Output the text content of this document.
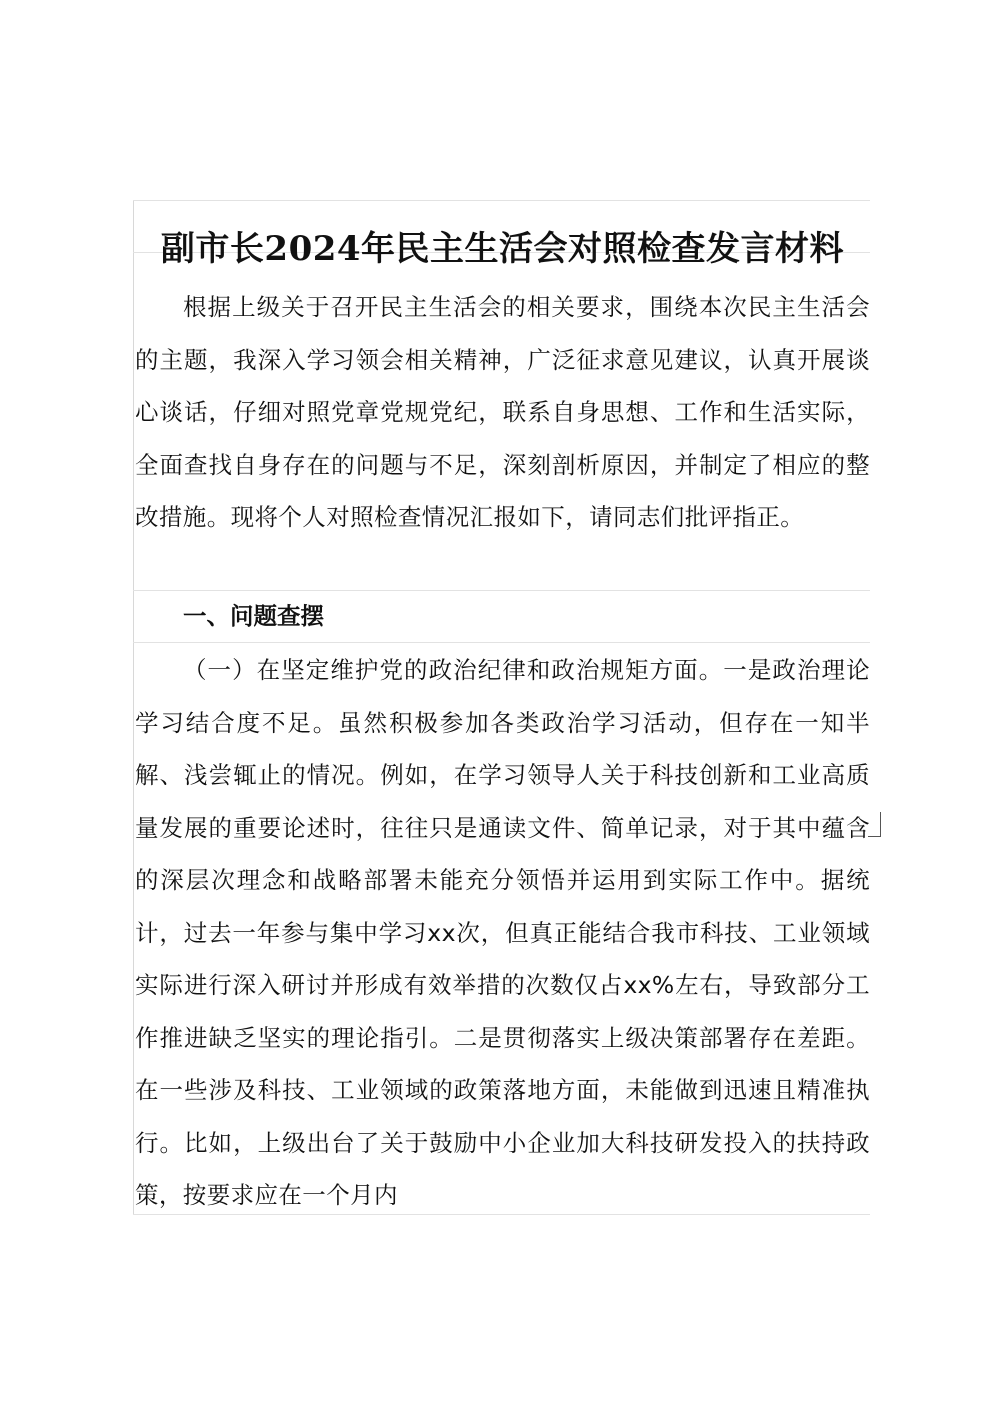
副市长2024年民主生活会对照检查发言材料

根据上级关于召开民主生活会的相关要求，围绕本次民主生活会的主题，我深入学习领会相关精神，广泛征求意见建议，认真开展谈心谈话，仔细对照党章党规党纪，联系自身思想、工作和生活实际，全面查找自身存在的问题与不足，深刻剖析原因，并制定了相应的整改措施。现将个人对照检查情况汇报如下，请同志们批评指正。

一、问题查摆

（一）在坚定维护党的政治纪律和政治规矩方面。一是政治理论学习结合度不足。虽然积极参加各类政治学习活动，但存在一知半解、浅尝辄止的情况。例如，在学习领导人关于科技创新和工业高质量发展的重要论述时，往往只是通读文件、简单记录，对于其中蕴含的深层次理念和战略部署未能充分领悟并运用到实际工作中。据统计，过去一年参与集中学习xx次，但真正能结合我市科技、工业领域实际进行深入研讨并形成有效举措的次数仅占xx%左右，导致部分工作推进缺乏坚实的理论指引。二是贯彻落实上级决策部署存在差距。在一些涉及科技、工业领域的政策落地方面，未能做到迅速且精准执行。比如，上级出台了关于鼓励中小企业加大科技研发投入的扶持政策，按要求应在一个月内
